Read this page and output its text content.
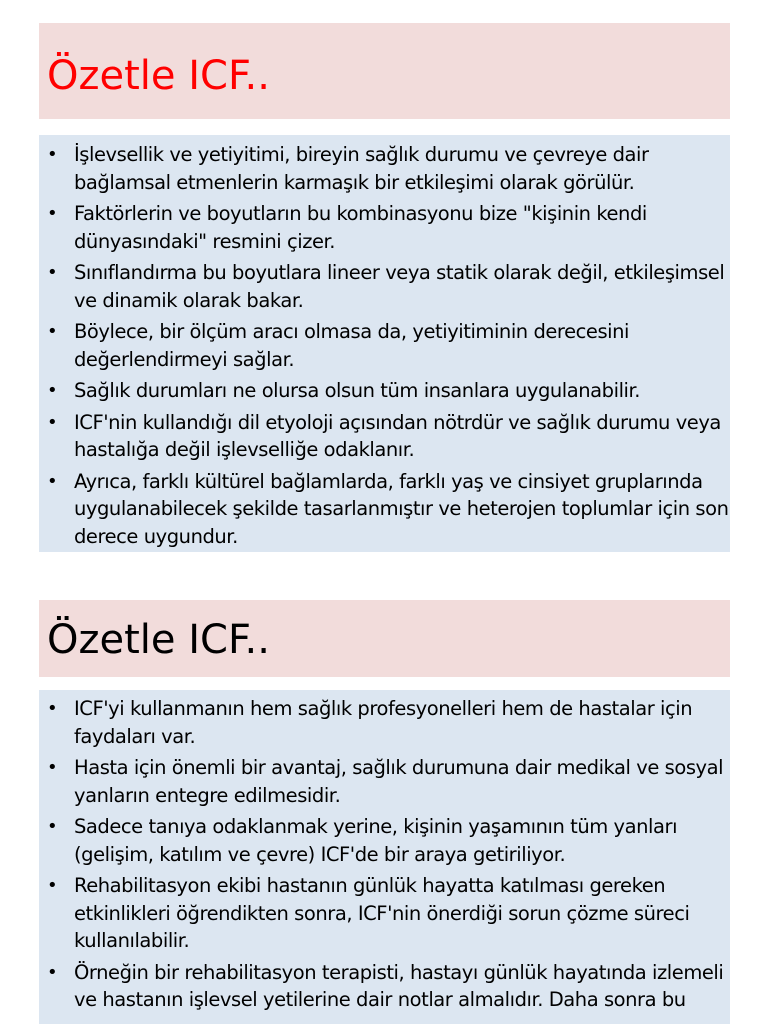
Özetle ICF..
• İşlevsellik ve yetiyitimi, bireyin sağlık durumu ve çevreye dair bağlamsal etmenlerin karmaşık bir etkileşimi olarak görülür.
• Faktörlerin ve boyutların bu kombinasyonu bize "kişinin kendi dünyasındaki" resmini çizer.
• Sınıflandırma bu boyutlara lineer veya statik olarak değil, etkileşimsel ve dinamik olarak bakar.
• Böylece, bir ölçüm aracı olmasa da, yetiyitiminin derecesini değerlendirmeyi sağlar.
• Sağlık durumları ne olursa olsun tüm insanlara uygulanabilir.
• ICF'nin kullandığı dil etyoloji açısından nötrdür ve sağlık durumu veya hastalığa değil işlevselliğe odaklanır.
• Ayrıca, farklı kültürel bağlamlarda, farklı yaş ve cinsiyet gruplarında uygulanabilecek şekilde tasarlanmıştır ve heterojen toplumlar için son derece uygundur.
Özetle ICF..
• ICF'yi kullanmanın hem sağlık profesyonelleri hem de hastalar için faydaları var.
• Hasta için önemli bir avantaj, sağlık durumuna dair medikal ve sosyal yanların entegre edilmesidir.
• Sadece tanıya odaklanmak yerine, kişinin yaşamının tüm yanları (gelişim, katılım ve çevre) ICF'de bir araya getiriliyor.
• Rehabilitasyon ekibi hastanın günlük hayatta katılması gereken etkinlikleri öğrendikten sonra, ICF'nin önerdiği sorun çözme süreci kullanılabilir.
• Örneğin bir rehabilitasyon terapisti, hastayı günlük hayatında izlemeli ve hastanın işlevsel yetilerine dair notlar almalıdır. Daha sonra bu
